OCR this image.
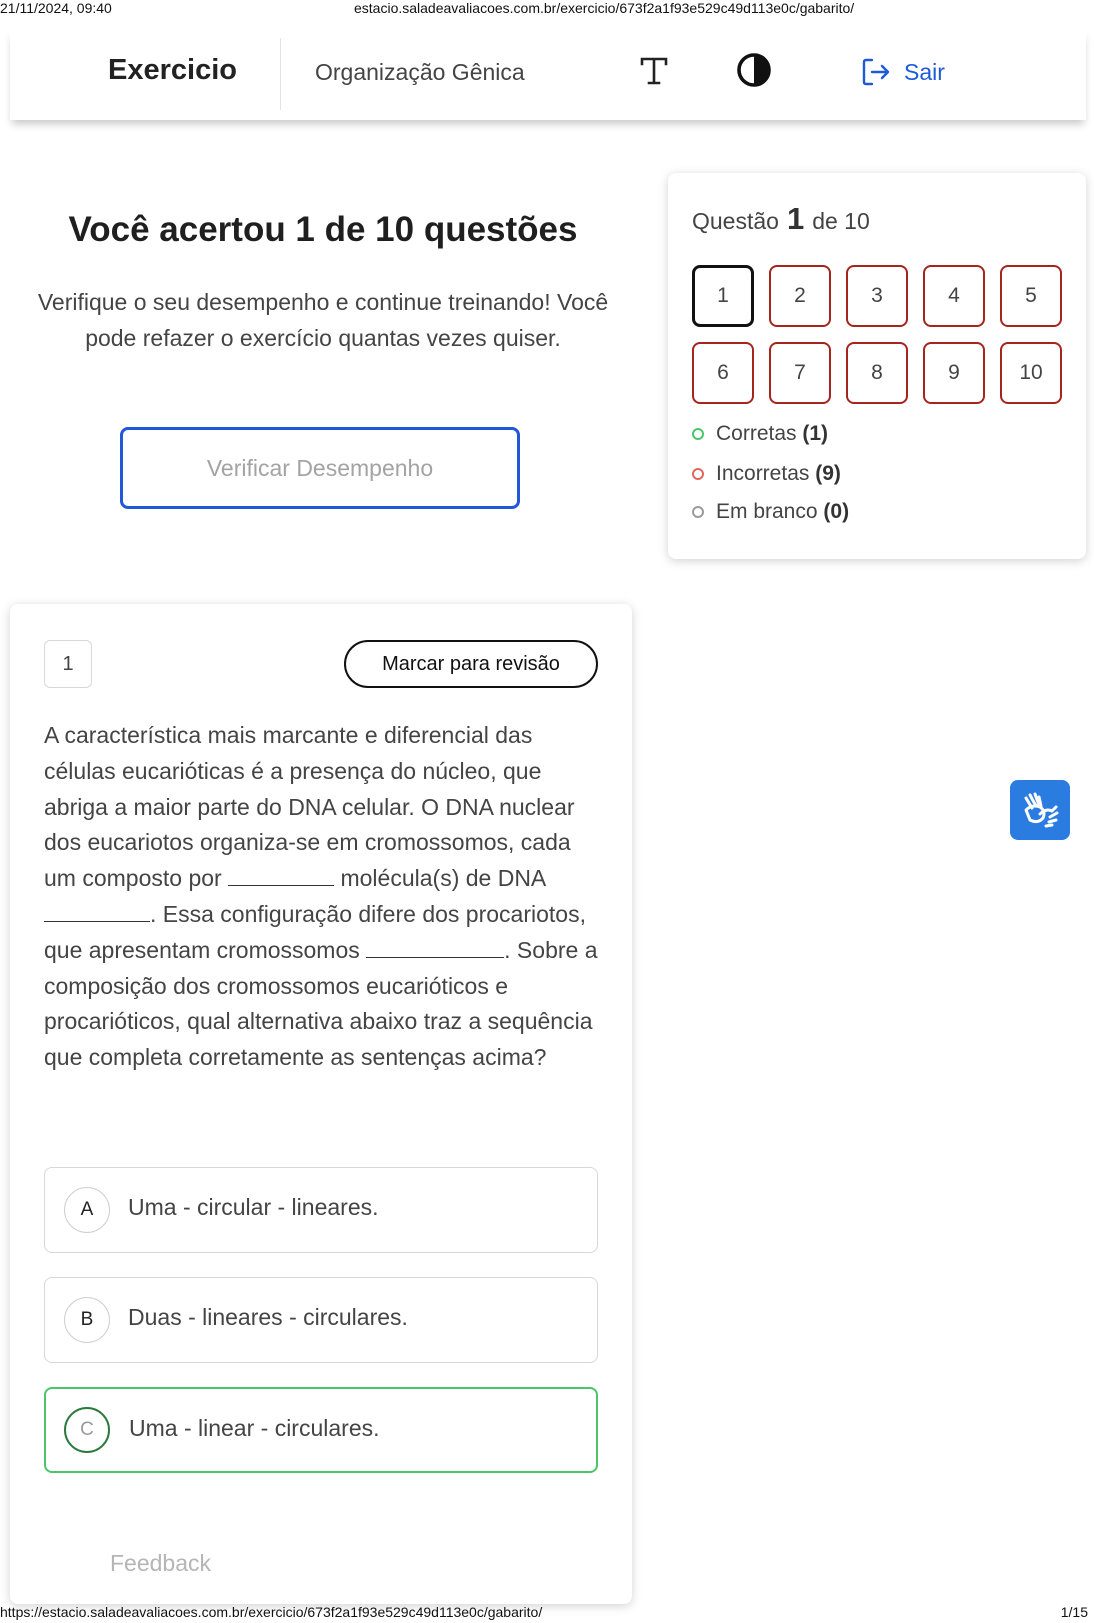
21/11/2024, 09:40	estacio.saladeavaliacoes.com.br/exercicio/673f2a1f93e529c49d113e0c/gabarito/
Exercicio	Organização Gênica	Sair
Você acertou 1 de 10 questões
Verifique o seu desempenho e continue treinando! Você pode refazer o exercício quantas vezes quiser.
Verificar Desempenho
Questão 1 de 10
1	2	3	4	5
6	7	8	9	10
Corretas (1)
Incorretas (9)
Em branco (0)
1	Marcar para revisão
A característica mais marcante e diferencial das células eucarióticas é a presença do núcleo, que abriga a maior parte do DNA celular. O DNA nuclear dos eucariotos organiza-se em cromossomos, cada um composto por	molécula(s) de DNA . Essa configuração difere dos procariotos, que apresentam cromossomos	. Sobre a composição dos cromossomos eucarióticos e procarióticos, qual alternativa abaixo traz a sequência que completa corretamente as sentenças acima?
A	Uma - circular - lineares.
B	Duas - lineares - circulares.
C	Uma - linear - circulares.
Feedback
https://estacio.saladeavaliacoes.com.br/exercicio/673f2a1f93e529c49d113e0c/gabarito/	1/15
